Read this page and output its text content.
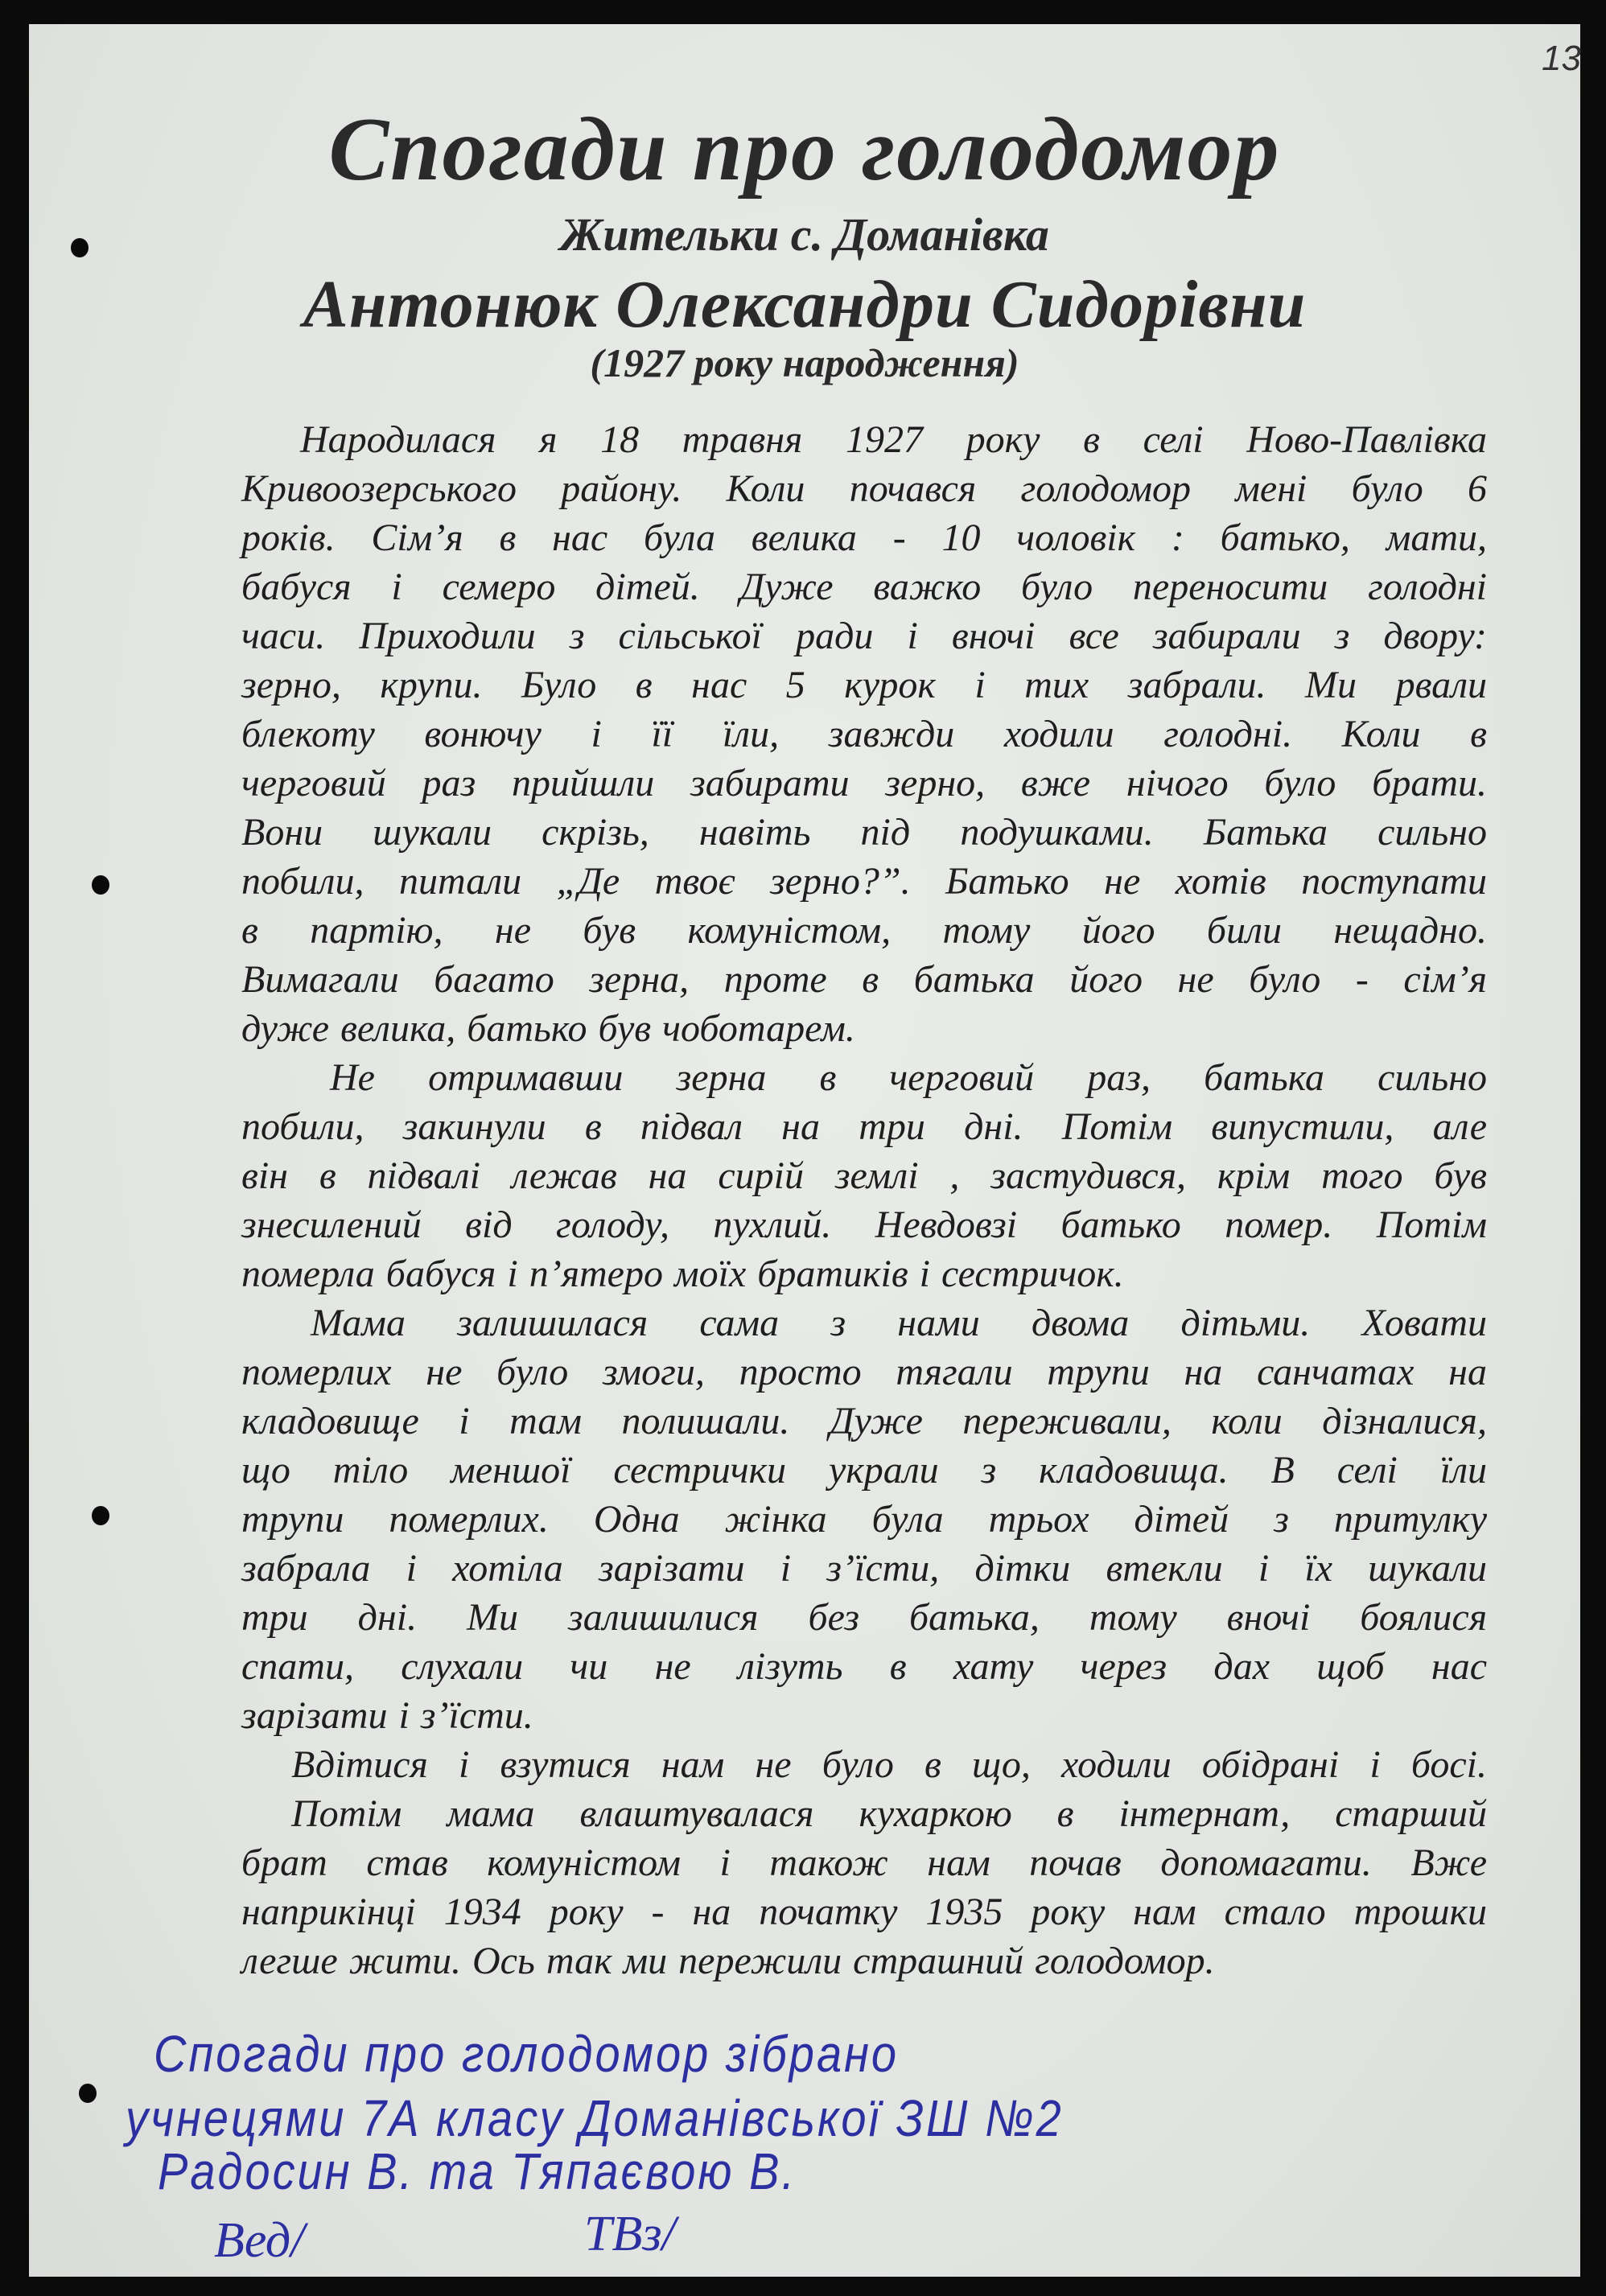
13
Спогади про голодомор
Жительки с. Доманівка
Антонюк Олександри Сидорівни
(1927 року народження)
Народилася я 18 травня 1927 року в селі Ново-Павлівка
Кривоозерського району. Коли почався голодомор мені було 6
років. Сім’я в нас була велика - 10 чоловік : батько, мати,
бабуся і семеро дітей. Дуже важко було переносити голодні
часи. Приходили з сільської ради і вночі все забирали з двору:
зерно, крупи. Було в нас 5 курок і тих забрали. Ми рвали
блекоту вонючу і її їли, завжди ходили голодні. Коли в
черговий раз прийшли забирати зерно, вже нічого було брати.
Вони шукали скрізь, навіть під подушками. Батька сильно
побили, питали „Де твоє зерно?”. Батько не хотів поступати
в партію, не був комуністом, тому його били нещадно.
Вимагали багато зерна, проте в батька його не було - сім’я
дуже велика, батько був чоботарем.
Не отримавши зерна в черговий раз, батька сильно
побили, закинули в підвал на три дні. Потім випустили, але
він в підвалі лежав на сирій землі , застудився, крім того був
знесилений від голоду, пухлий. Невдовзі батько помер. Потім
померла бабуся і п’ятеро моїх братиків і сестричок.
Мама залишилася сама з нами двома дітьми. Ховати
померлих не було змоги, просто тягали трупи на санчатах на
кладовище і там полишали. Дуже переживали, коли дізналися,
що тіло меншої сестрички украли з кладовища. В селі їли
трупи померлих. Одна жінка була трьох дітей з притулку
забрала і хотіла зарізати і з’їсти, дітки втекли і їх шукали
три дні. Ми залишилися без батька, тому вночі боялися
спати, слухали чи не лізуть в хату через дах щоб нас
зарізати і з’їсти.
Вдітися і взутися нам не було в що, ходили обідрані і босі.
Потім мама влаштувалася кухаркою в інтернат, старший
брат став комуністом і також нам почав допомагати. Вже
наприкінці 1934 року - на початку 1935 року нам стало трошки
легше жити. Ось так ми пережили страшний голодомор.
Спогади про голодомор зібрано
учнецями 7А класу Доманівської ЗШ №2
Радосин В. та Тяпаєвою В.
Вед/	ТВз/
